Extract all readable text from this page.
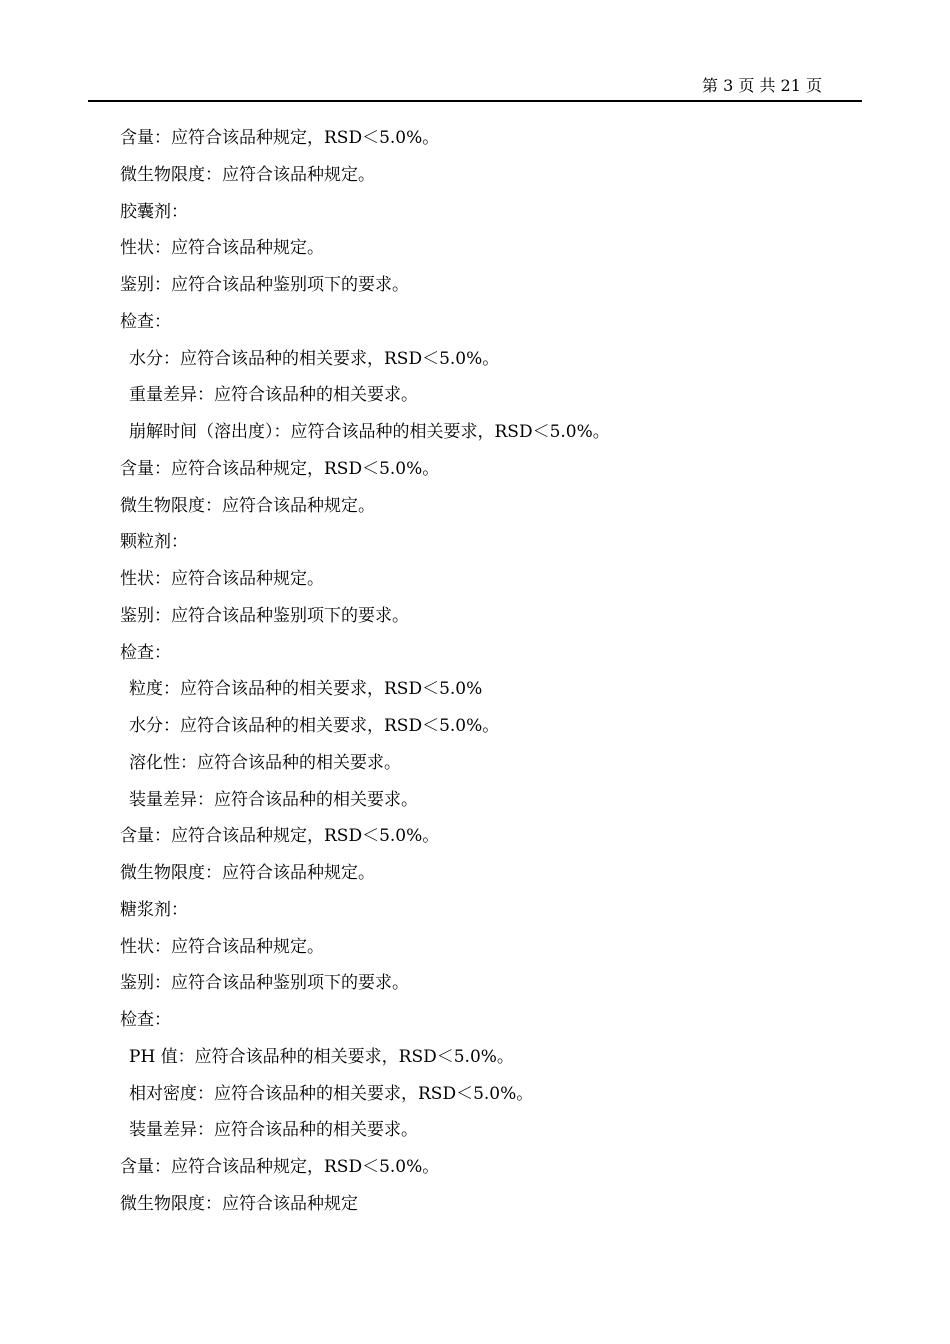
第 3 页 共 21 页
含量：应符合该品种规定，RSD＜5.0%。
微生物限度：应符合该品种规定。
胶囊剂：
性状：应符合该品种规定。
鉴别：应符合该品种鉴别项下的要求。
检查：
水分：应符合该品种的相关要求，RSD＜5.0%。
重量差异：应符合该品种的相关要求。
崩解时间（溶出度）：应符合该品种的相关要求，RSD＜5.0%。
含量：应符合该品种规定，RSD＜5.0%。
微生物限度：应符合该品种规定。
颗粒剂：
性状：应符合该品种规定。
鉴别：应符合该品种鉴别项下的要求。
检查：
粒度：应符合该品种的相关要求，RSD＜5.0%
水分：应符合该品种的相关要求，RSD＜5.0%。
溶化性：应符合该品种的相关要求。
装量差异：应符合该品种的相关要求。
含量：应符合该品种规定，RSD＜5.0%。
微生物限度：应符合该品种规定。
糖浆剂：
性状：应符合该品种规定。
鉴别：应符合该品种鉴别项下的要求。
检查：
PH 值：应符合该品种的相关要求，RSD＜5.0%。
相对密度：应符合该品种的相关要求，RSD＜5.0%。
装量差异：应符合该品种的相关要求。
含量：应符合该品种规定，RSD＜5.0%。
微生物限度：应符合该品种规定
